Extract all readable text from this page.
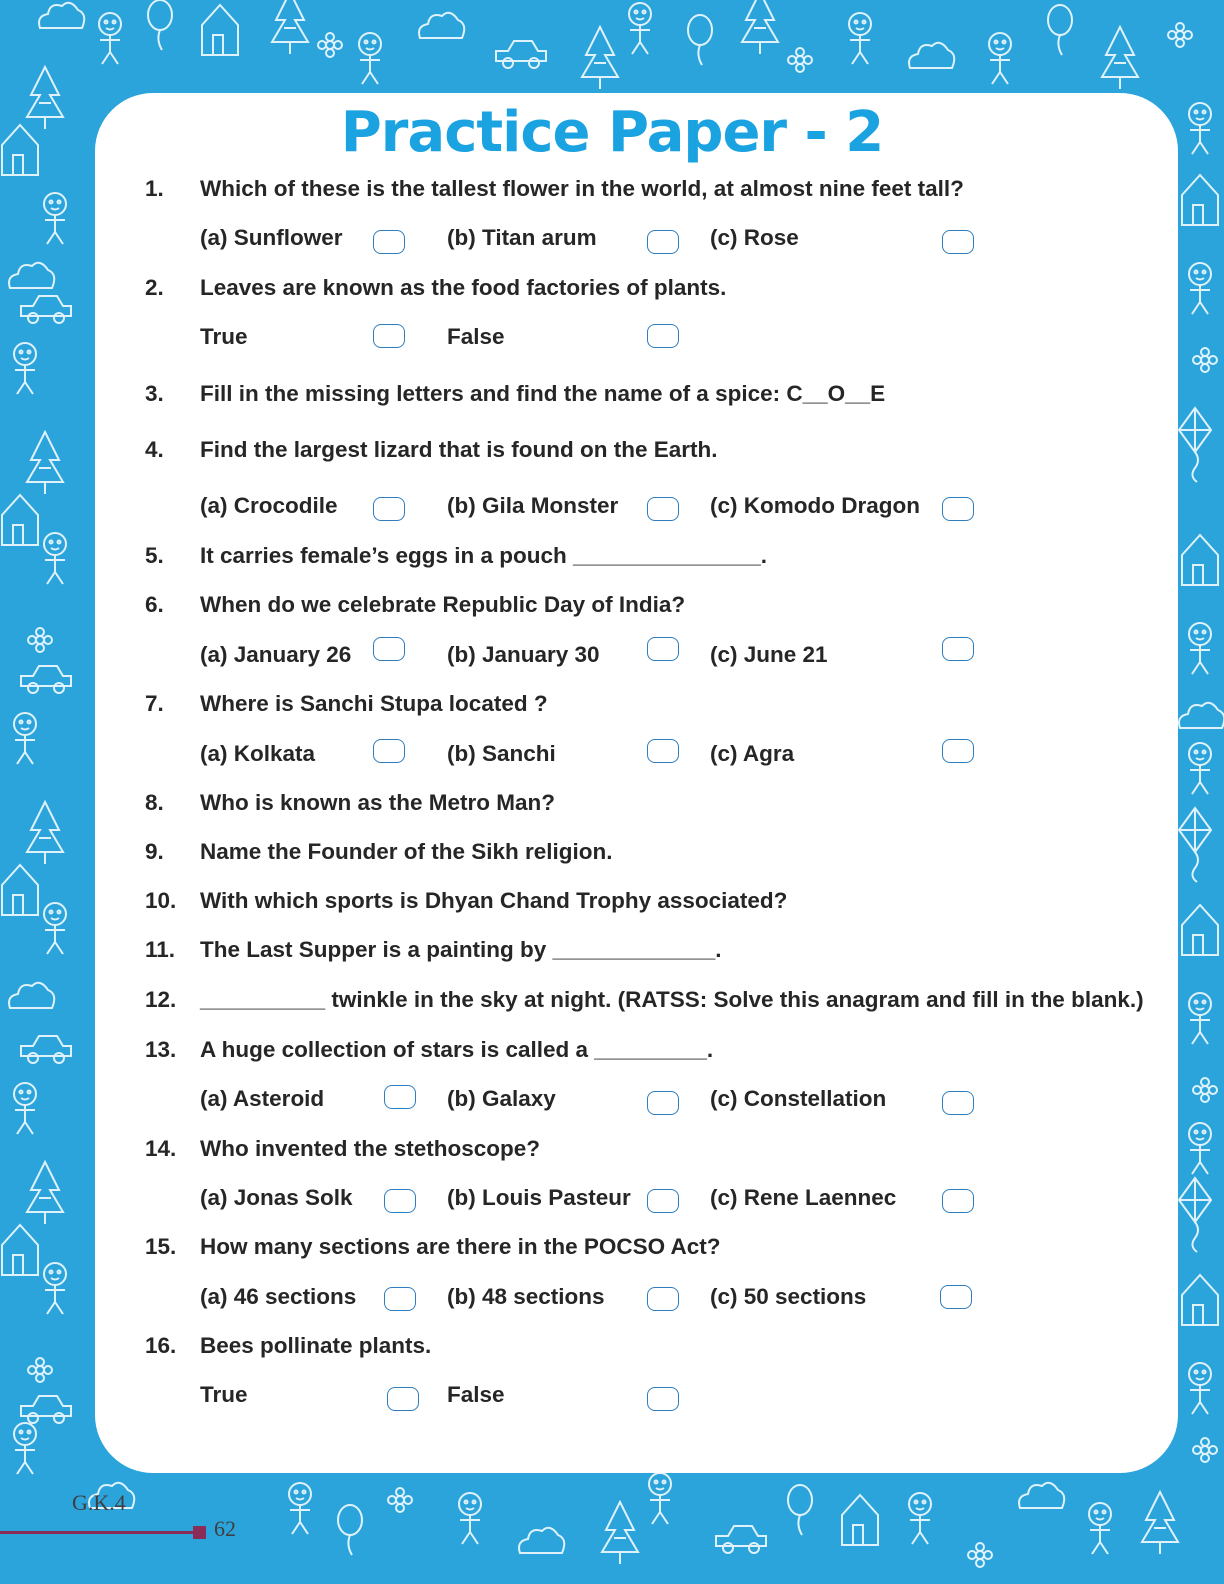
Practice Paper - 2
1. Which of these is the tallest flower in the world, at almost nine feet tall?
(a) Sunflower	(b) Titan arum	(c) Rose
2. Leaves are known as the food factories of plants.
True	False
3. Fill in the missing letters and find the name of a spice: C__O__E
4. Find the largest lizard that is found on the Earth.
(a) Crocodile	(b) Gila Monster	(c) Komodo Dragon
5. It carries female’s eggs in a pouch _______________.
6. When do we celebrate Republic Day of India?
(a) January 26	(b) January 30	(c) June 21
7. Where is Sanchi Stupa located ?
(a) Kolkata	(b) Sanchi	(c) Agra
8. Who is known as the Metro Man?
9. Name the Founder of the Sikh religion.
10. With which sports is Dhyan Chand Trophy associated?
11. The Last Supper is a painting by _____________.
12. __________ twinkle in the sky at night. (RATSS: Solve this anagram and fill in the blank.)
13. A huge collection of stars is called a _________.
(a) Asteroid	(b) Galaxy	(c) Constellation
14. Who invented the stethoscope?
(a) Jonas Solk	(b) Louis Pasteur	(c) Rene Laennec
15. How many sections are there in the POCSO Act?
(a) 46 sections	(b) 48 sections	(c) 50 sections
16. Bees pollinate plants.
True	False
G.K.4
62
